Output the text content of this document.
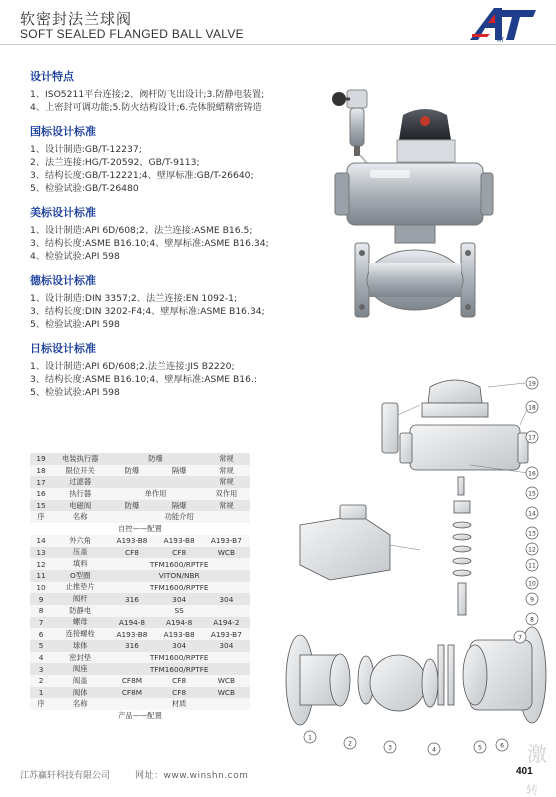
软密封法兰球阀
SOFT SEALED FLANGED BALL VALVE	AT
设计特点
1、ISO5211平台连接;2、阀杆防飞出设计;3.防静电装置;
4、上密封可调功能;5.防火结构设计;6.壳体脱蜡精密铸造
国标设计标准
1、设计制造:GB/T-12237;
2、法兰连接:HG/T-20592、GB/T-9113;
3、结构长度:GB/T-12221;4、壁厚标准:GB/T-26640;
5、检验试验:GB/T-26480
美标设计标准
1、设计制造:API 6D/608;2、法兰连接:ASME B16.5;
3、结构长度:ASME B16.10;4、壁厚标准:ASME B16.34;
4、检验试验:API 598
德标设计标准
1、设计制造:DIN 3357;2、法兰连接:EN 1092-1;
3、结构长度:DIN 3202-F4;4、壁厚标准:ASME B16.34;
5、检验试验:API 598
日标设计标准
1、设计制造:API 6D/608;2.法兰连接:JIS B2220;
3、结构长度:ASME B16.10;4、壁厚标准:ASME B16.:
5、检验试验:API 598
19	电装执行器	防爆		常规
18	限位开关	防爆	隔爆	常规
17	过滤器			常规
16	执行器	单作用		双作用
15	电磁阀	防爆	隔爆	常规
序	名称	功能介绍		
自控——配置				
14	外六角	A193-B8	A193-B8	A193-B7
13	压盖	CF8	CF8	WCB
12	填料	TFM1600/RPTFE		
11	O型圈	VITON/NBR		
10	止推垫片	TFM1600/RPTFE		
9	阀杆	316	304	304
8	防静电	SS		
7	螺母	A194-8	A194-8	A194-2
6	连接螺栓	A193-B8	A193-B8	A193-B7
5	球体	316	304	304
4	密封垫	TFM1600/RPTFE		
3	阀座	TFM1600/RPTFE		
2	阀盖	CF8M	CF8	WCB
1	阀体	CF8M	CF8	WCB
序	名称	材质		
产品——配置				
19
18
17
16
15
14
13
12
11
10
9
8
7
6
5
4
3
2
1
江苏赢轩科技有限公司	网址：www.winshn.com	401
激
转
